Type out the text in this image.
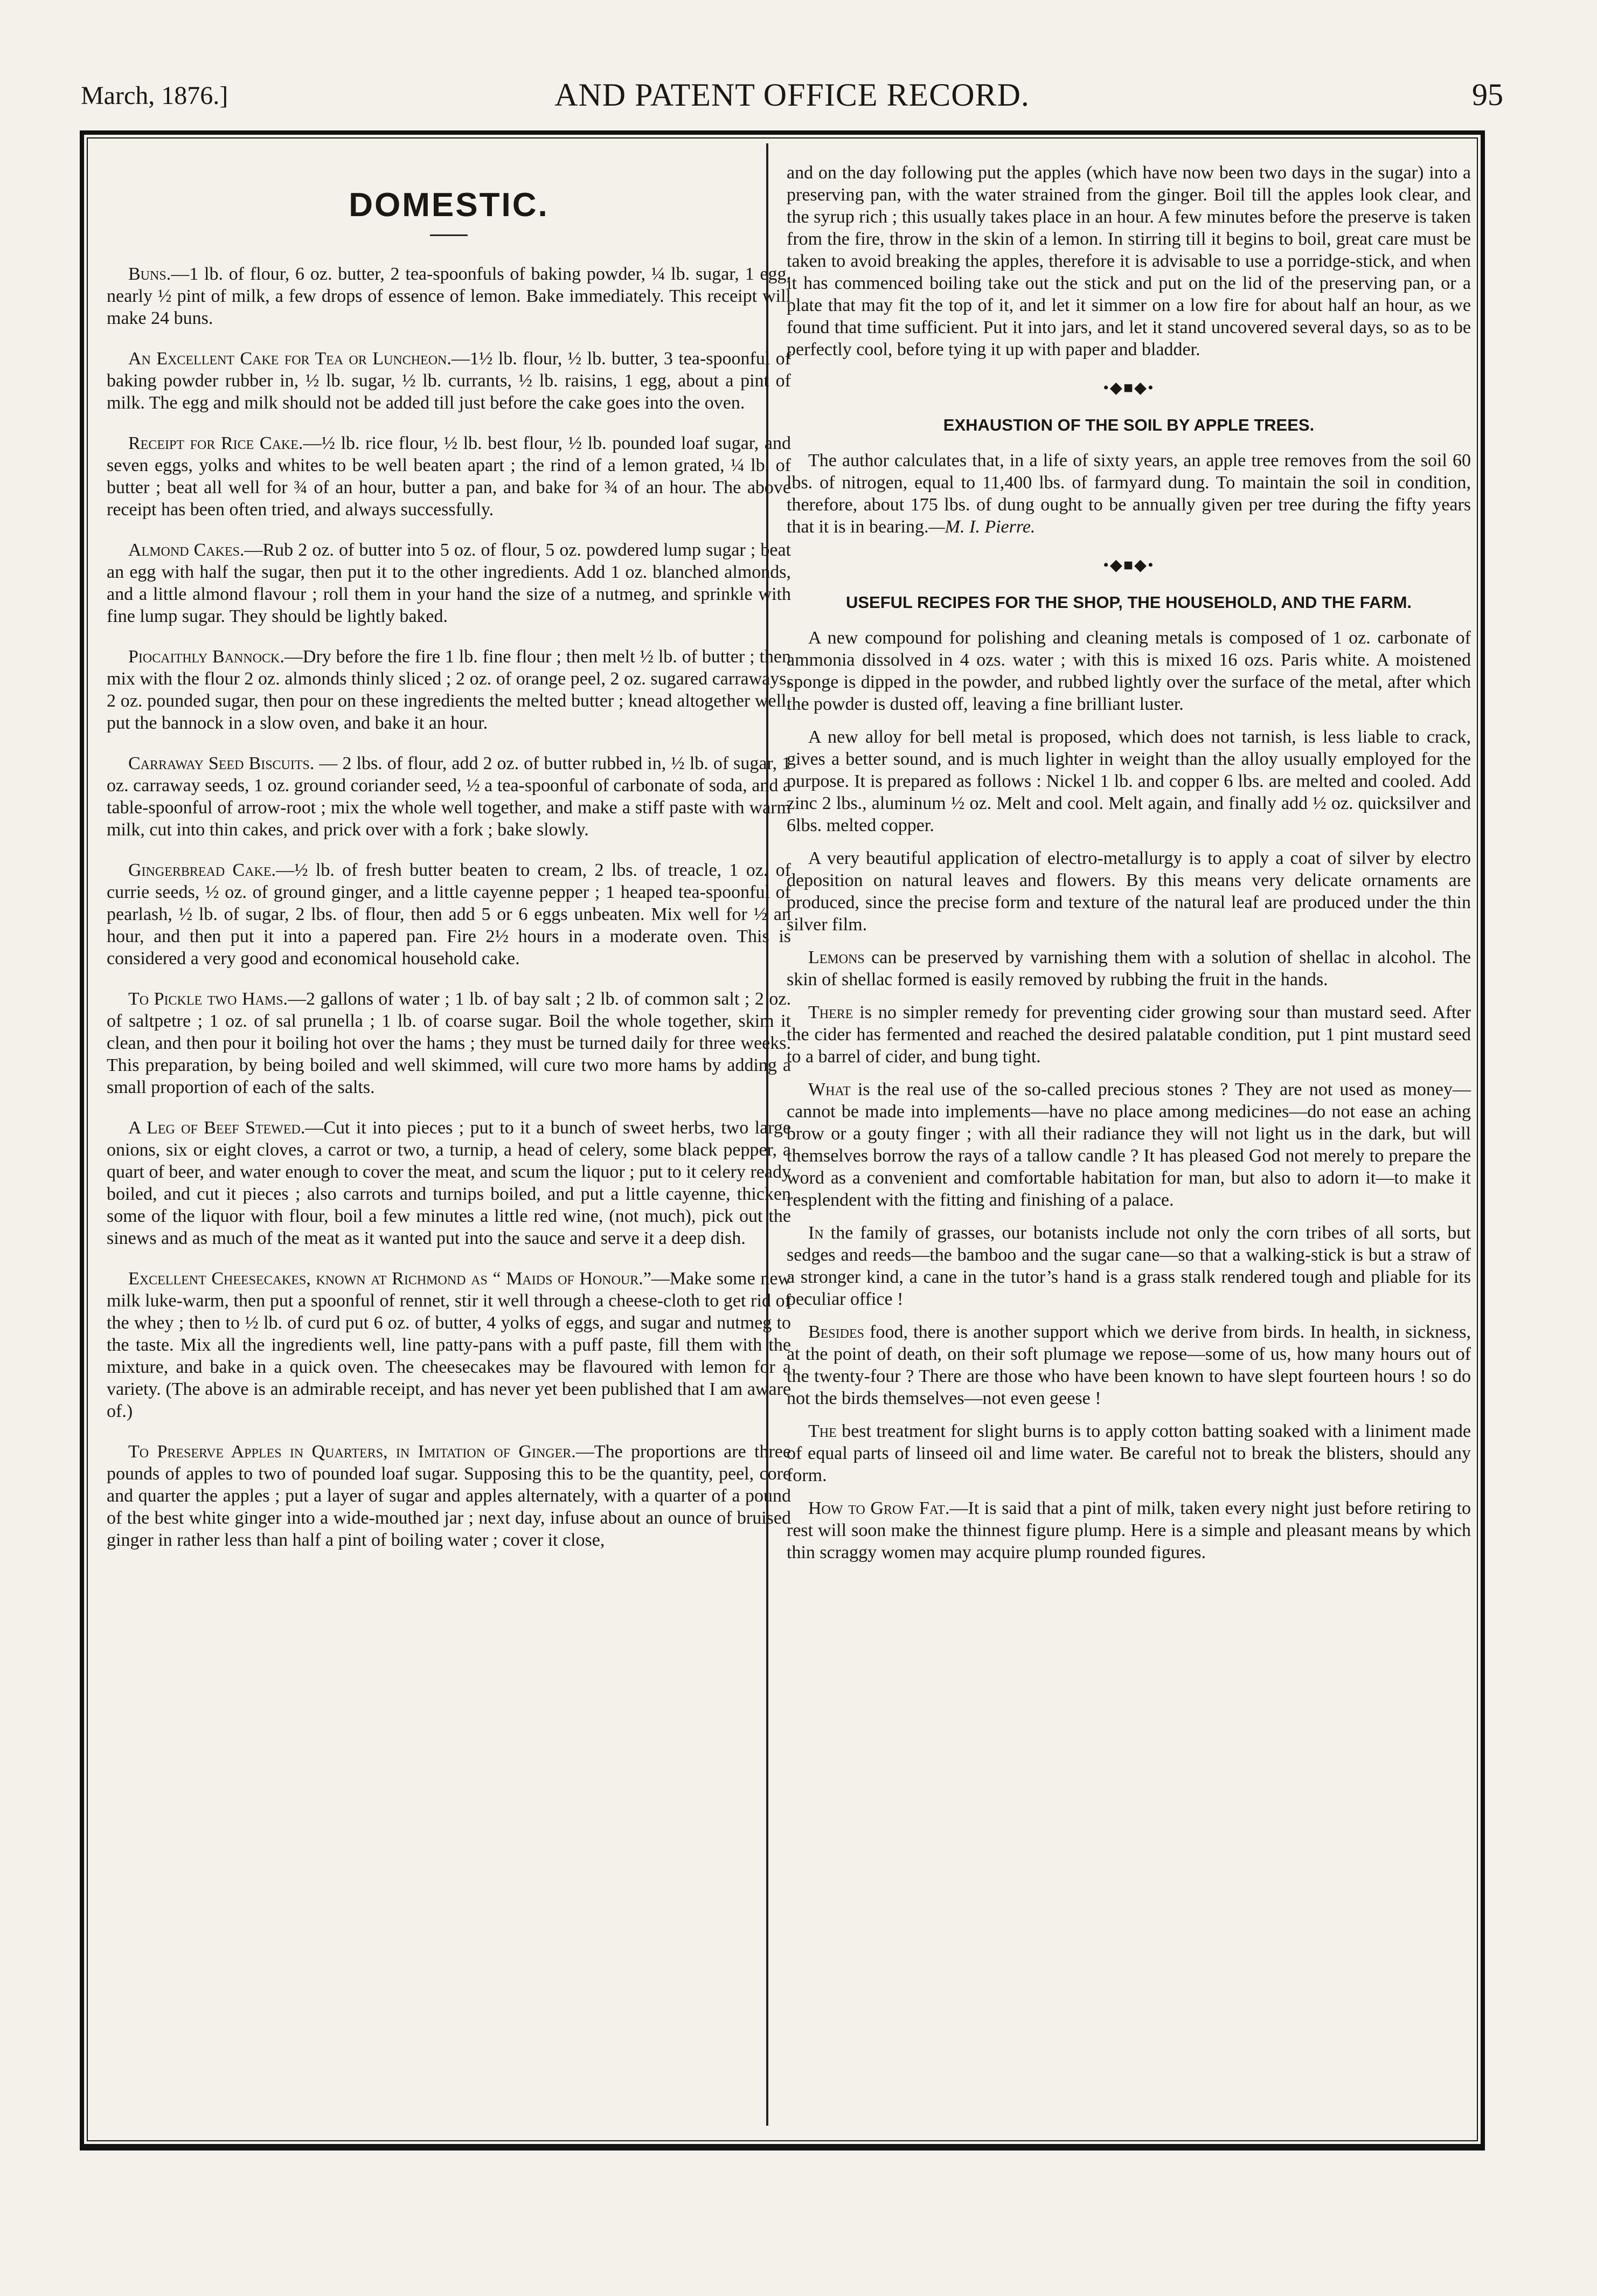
March, 1876.]	AND PATENT OFFICE RECORD.	95
DOMESTIC.

Buns.—1 lb. of flour, 6 oz. butter, 2 tea-spoonfuls of baking powder, ¼ lb. sugar, 1 egg, nearly ½ pint of milk, a few drops of essence of lemon. Bake immediately. This receipt will make 24 buns.

An Excellent Cake for Tea or Luncheon.—1½ lb. flour, ½ lb. butter, 3 tea-spoonful of baking powder rubber in, ½ lb. sugar, ½ lb. currants, ½ lb. raisins, 1 egg, about a pint of milk. The egg and milk should not be added till just before the cake goes into the oven.

Receipt for Rice Cake.—½ lb. rice flour, ½ lb. best flour, ½ lb. pounded loaf sugar, and seven eggs, yolks and whites to be well beaten apart ; the rind of a lemon grated, ¼ lb. of butter ; beat all well for ¾ of an hour, butter a pan, and bake for ¾ of an hour. The above receipt has been often tried, and always successfully.

Almond Cakes.—Rub 2 oz. of butter into 5 oz. of flour, 5 oz. powdered lump sugar ; beat an egg with half the sugar, then put it to the other ingredients. Add 1 oz. blanched almonds, and a little almond flavour ; roll them in your hand the size of a nutmeg, and sprinkle with fine lump sugar. They should be lightly baked.

Piocaithly Bannock.—Dry before the fire 1 lb. fine flour ; then melt ½ lb. of butter ; then mix with the flour 2 oz. almonds thinly sliced ; 2 oz. of orange peel, 2 oz. sugared carraways, 2 oz. pounded sugar, then pour on these ingredients the melted butter ; knead altogether well, put the bannock in a slow oven, and bake it an hour.

Carraway Seed Biscuits. — 2 lbs. of flour, add 2 oz. of butter rubbed in, ½ lb. of sugar, 1 oz. carraway seeds, 1 oz. ground coriander seed, ½ a tea-spoonful of carbonate of soda, and a table-spoonful of arrow-root ; mix the whole well together, and make a stiff paste with warm milk, cut into thin cakes, and prick over with a fork ; bake slowly.

Gingerbread Cake.—½ lb. of fresh butter beaten to cream, 2 lbs. of treacle, 1 oz. of currie seeds, ½ oz. of ground ginger, and a little cayenne pepper ; 1 heaped tea-spoonful of pearlash, ½ lb. of sugar, 2 lbs. of flour, then add 5 or 6 eggs unbeaten. Mix well for ½ an hour, and then put it into a papered pan. Fire 2½ hours in a moderate oven. This is considered a very good and economical household cake.

To Pickle two Hams.—2 gallons of water ; 1 lb. of bay salt ; 2 lb. of common salt ; 2 oz. of saltpetre ; 1 oz. of sal prunella ; 1 lb. of coarse sugar. Boil the whole together, skim it clean, and then pour it boiling hot over the hams ; they must be turned daily for three weeks. This preparation, by being boiled and well skimmed, will cure two more hams by adding a small proportion of each of the salts.

A Leg of Beef Stewed.—Cut it into pieces ; put to it a bunch of sweet herbs, two large onions, six or eight cloves, a carrot or two, a turnip, a head of celery, some black pepper, a quart of beer, and water enough to cover the meat, and scum the liquor ; put to it celery ready boiled, and cut it pieces ; also carrots and turnips boiled, and put a little cayenne, thicken some of the liquor with flour, boil a few minutes a little red wine, (not much), pick out the sinews and as much of the meat as it wanted put into the sauce and serve it a deep dish.

Excellent Cheesecakes, known at Richmond as “ Maids of Honour.”—Make some new milk luke-warm, then put a spoonful of rennet, stir it well through a cheese-cloth to get rid of the whey ; then to ½ lb. of curd put 6 oz. of butter, 4 yolks of eggs, and sugar and nutmeg to the taste. Mix all the ingredients well, line patty-pans with a puff paste, fill them with the mixture, and bake in a quick oven. The cheesecakes may be flavoured with lemon for a variety. (The above is an admirable receipt, and has never yet been published that I am aware of.)

To Preserve Apples in Quarters, in Imitation of Ginger.—The proportions are three pounds of apples to two of pounded loaf sugar. Supposing this to be the quantity, peel, core and quarter the apples ; put a layer of sugar and apples alternately, with a quarter of a pound of the best white ginger into a wide-mouthed jar ; next day, infuse about an ounce of bruised ginger in rather less than half a pint of boiling water ; cover it close,

and on the day following put the apples (which have now been two days in the sugar) into a preserving pan, with the water strained from the ginger. Boil till the apples look clear, and the syrup rich ; this usually takes place in an hour. A few minutes before the preserve is taken from the fire, throw in the skin of a lemon. In stirring till it begins to boil, great care must be taken to avoid breaking the apples, therefore it is advisable to use a porridge-stick, and when it has commenced boiling take out the stick and put on the lid of the preserving pan, or a plate that may fit the top of it, and let it simmer on a low fire for about half an hour, as we found that time sufficient. Put it into jars, and let it stand uncovered several days, so as to be perfectly cool, before tying it up with paper and bladder.

•◆■◆•
EXHAUSTION OF THE SOIL BY APPLE TREES.

The author calculates that, in a life of sixty years, an apple tree removes from the soil 60 lbs. of nitrogen, equal to 11,400 lbs. of farmyard dung. To maintain the soil in condition, therefore, about 175 lbs. of dung ought to be annually given per tree during the fifty years that it is in bearing.—M. I. Pierre.

•◆■◆•
USEFUL RECIPES FOR THE SHOP, THE HOUSEHOLD, AND THE FARM.

A new compound for polishing and cleaning metals is composed of 1 oz. carbonate of ammonia dissolved in 4 ozs. water ; with this is mixed 16 ozs. Paris white. A moistened sponge is dipped in the powder, and rubbed lightly over the surface of the metal, after which the powder is dusted off, leaving a fine brilliant luster.

A new alloy for bell metal is proposed, which does not tarnish, is less liable to crack, gives a better sound, and is much lighter in weight than the alloy usually employed for the purpose. It is prepared as follows : Nickel 1 lb. and copper 6 lbs. are melted and cooled. Add zinc 2 lbs., aluminum ½ oz. Melt and cool. Melt again, and finally add ½ oz. quicksilver and 6lbs. melted copper.

A very beautiful application of electro-metallurgy is to apply a coat of silver by electro deposition on natural leaves and flowers. By this means very delicate ornaments are produced, since the precise form and texture of the natural leaf are produced under the thin silver film.

Lemons can be preserved by varnishing them with a solution of shellac in alcohol. The skin of shellac formed is easily removed by rubbing the fruit in the hands.

There is no simpler remedy for preventing cider growing sour than mustard seed. After the cider has fermented and reached the desired palatable condition, put 1 pint mustard seed to a barrel of cider, and bung tight.

What is the real use of the so-called precious stones ? They are not used as money—cannot be made into implements—have no place among medicines—do not ease an aching brow or a gouty finger ; with all their radiance they will not light us in the dark, but will themselves borrow the rays of a tallow candle ? It has pleased God not merely to prepare the word as a convenient and comfortable habitation for man, but also to adorn it—to make it resplendent with the fitting and finishing of a palace.

In the family of grasses, our botanists include not only the corn tribes of all sorts, but sedges and reeds—the bamboo and the sugar cane—so that a walking-stick is but a straw of a stronger kind, a cane in the tutor’s hand is a grass stalk rendered tough and pliable for its peculiar office !

Besides food, there is another support which we derive from birds. In health, in sickness, at the point of death, on their soft plumage we repose—some of us, how many hours out of the twenty-four ? There are those who have been known to have slept fourteen hours ! so do not the birds themselves—not even geese !

The best treatment for slight burns is to apply cotton batting soaked with a liniment made of equal parts of linseed oil and lime water. Be careful not to break the blisters, should any form.

How to Grow Fat.—It is said that a pint of milk, taken every night just before retiring to rest will soon make the thinnest figure plump. Here is a simple and pleasant means by which thin scraggy women may acquire plump rounded figures.
